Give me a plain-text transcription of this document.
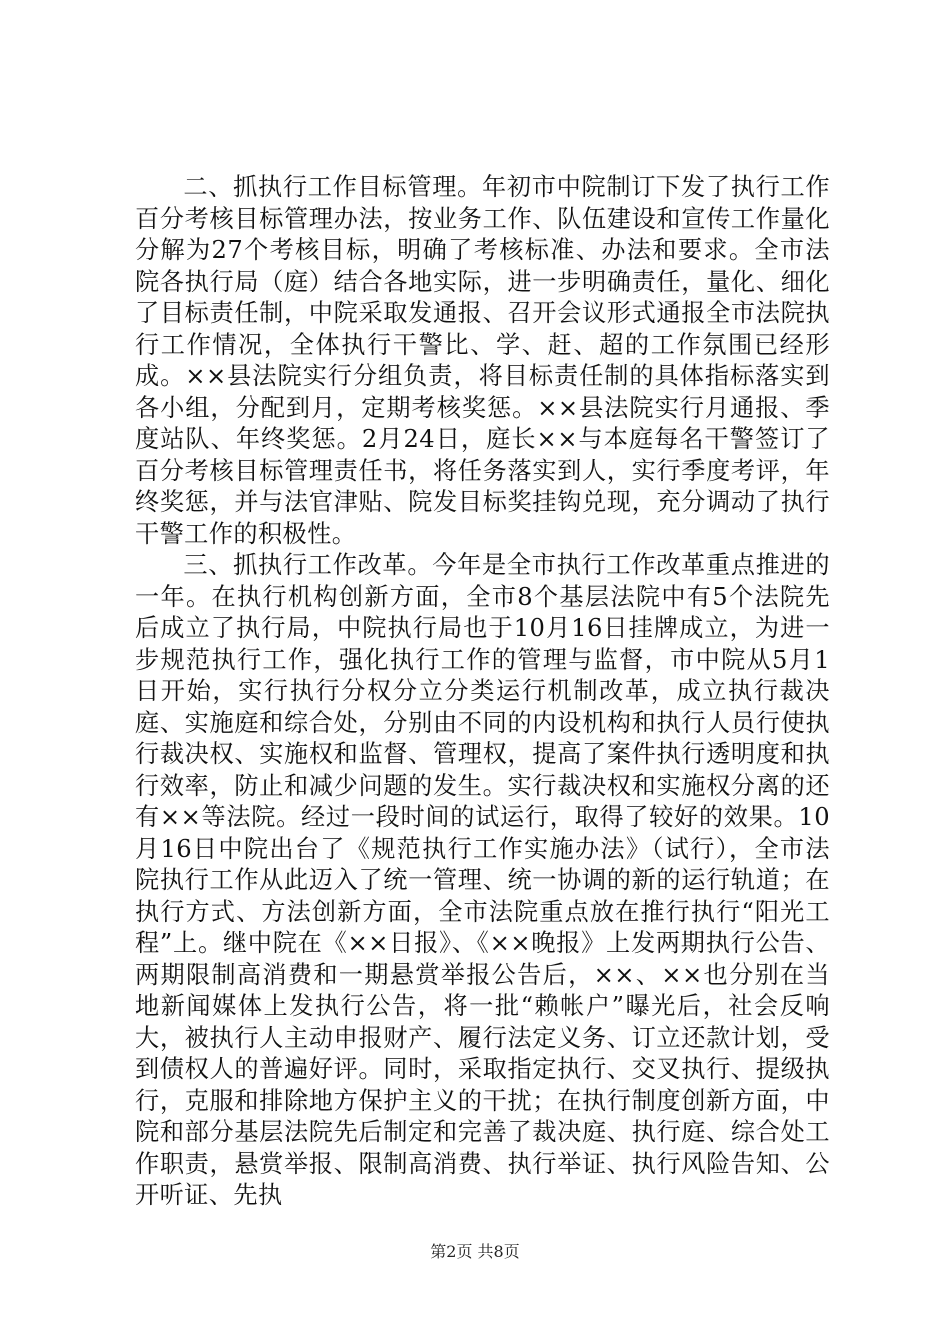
二、抓执行工作目标管理。年初市中院制订下发了执行工作百分考核目标管理办法，按业务工作、队伍建设和宣传工作量化分解为27个考核目标，明确了考核标准、办法和要求。全市法院各执行局（庭）结合各地实际，进一步明确责任，量化、细化了目标责任制，中院采取发通报、召开会议形式通报全市法院执行工作情况，全体执行干警比、学、赶、超的工作氛围已经形成。××县法院实行分组负责，将目标责任制的具体指标落实到各小组，分配到月，定期考核奖惩。××县法院实行月通报、季度站队、年终奖惩。2月24日，庭长××与本庭每名干警签订了百分考核目标管理责任书，将任务落实到人，实行季度考评，年终奖惩，并与法官津贴、院发目标奖挂钩兑现，充分调动了执行干警工作的积极性。

三、抓执行工作改革。今年是全市执行工作改革重点推进的一年。在执行机构创新方面，全市8个基层法院中有5个法院先后成立了执行局，中院执行局也于10月16日挂牌成立，为进一步规范执行工作，强化执行工作的管理与监督，市中院从5月1日开始，实行执行分权分立分类运行机制改革，成立执行裁决庭、实施庭和综合处，分别由不同的内设机构和执行人员行使执行裁决权、实施权和监督、管理权，提高了案件执行透明度和执行效率，防止和减少问题的发生。实行裁决权和实施权分离的还有××等法院。经过一段时间的试运行，取得了较好的效果。10月16日中院出台了《规范执行工作实施办法》（试行），全市法院执行工作从此迈入了统一管理、统一协调的新的运行轨道；在执行方式、方法创新方面，全市法院重点放在推行执行“阳光工程”上。继中院在《××日报》、《××晚报》上发两期执行公告、两期限制高消费和一期悬赏举报公告后，××、××也分别在当地新闻媒体上发执行公告，将一批“赖帐户”曝光后，社会反响大，被执行人主动申报财产、履行法定义务、订立还款计划，受到债权人的普遍好评。同时，采取指定执行、交叉执行、提级执行，克服和排除地方保护主义的干扰；在执行制度创新方面，中院和部分基层法院先后制定和完善了裁决庭、执行庭、综合处工作职责，悬赏举报、限制高消费、执行举证、执行风险告知、公开听证、先执

第2页 共8页
